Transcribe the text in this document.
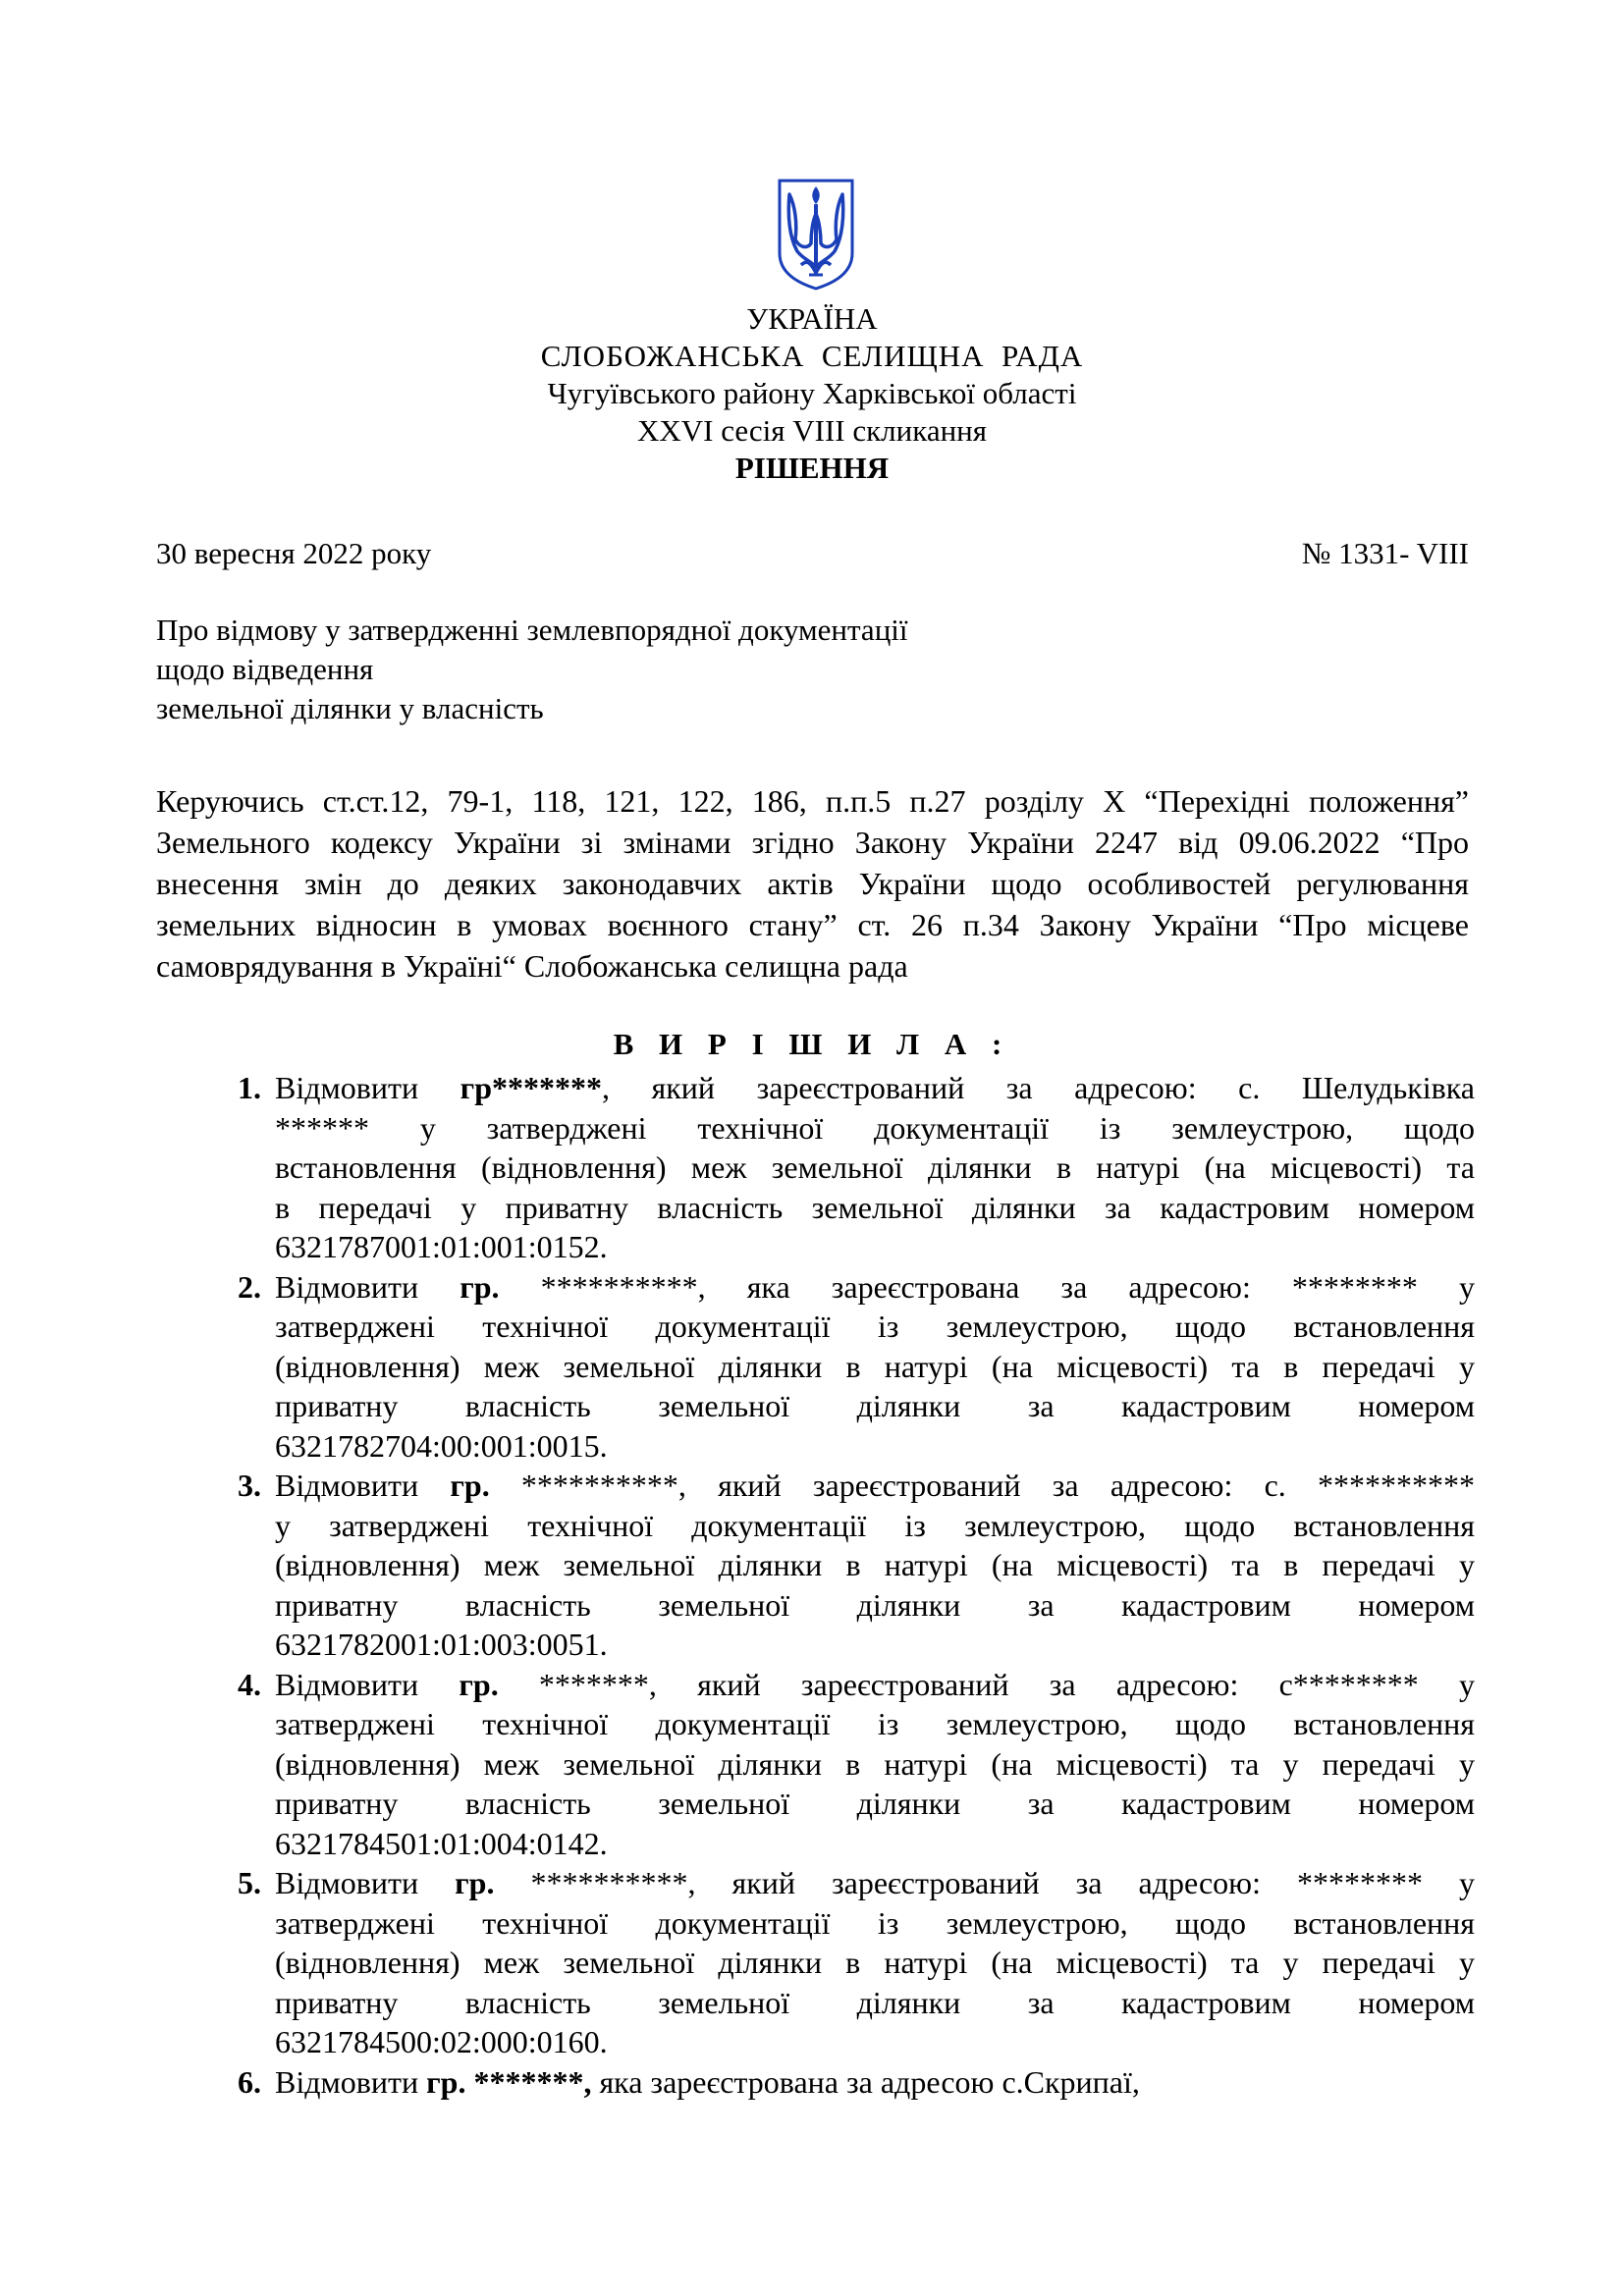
УКРАЇНА
СЛОБОЖАНСЬКА  СЕЛИЩНА  РАДА
Чугуївського району Харківської області
XXVI сесія VIII скликання
РІШЕННЯ
30 вересня 2022 року	№ 1331- VIII
Про відмову у затвердженні землевпорядної документації
щодо відведення
земельної ділянки у власність
Керуючись ст.ст.12, 79-1, 118, 121, 122, 186, п.п.5 п.27 розділу Х “Перехідні положення”
Земельного кодексу України зі змінами згідно Закону України 2247 від 09.06.2022 “Про
внесення змін до деяких законодавчих актів України щодо особливостей регулювання
земельних відносин в умовах воєнного стану” ст. 26 п.34 Закону України “Про місцеве
самоврядування в Україні“ Слобожанська селищна рада
В И Р І Ш И Л А :
1. Відмовити гр*******, який зареєстрований за адресою: с. Шелудьківка
****** у затверджені технічної документації із землеустрою, щодо
встановлення (відновлення) меж земельної ділянки в натурі (на місцевості) та
в передачі у приватну власність земельної ділянки за кадастровим номером
6321787001:01:001:0152.
2. Відмовити гр. **********, яка зареєстрована за адресою: ******** у
затверджені технічної документації із землеустрою, щодо встановлення
(відновлення) меж земельної ділянки в натурі (на місцевості) та в передачі у
приватну власність земельної ділянки за кадастровим номером
6321782704:00:001:0015.
3. Відмовити гр. **********, який зареєстрований за адресою: с. **********
у затверджені технічної документації із землеустрою, щодо встановлення
(відновлення) меж земельної ділянки в натурі (на місцевості) та в передачі у
приватну власність земельної ділянки за кадастровим номером
6321782001:01:003:0051.
4. Відмовити гр. *******, який зареєстрований за адресою: с******** у
затверджені технічної документації із землеустрою, щодо встановлення
(відновлення) меж земельної ділянки в натурі (на місцевості) та у передачі у
приватну власність земельної ділянки за кадастровим номером
6321784501:01:004:0142.
5. Відмовити гр. **********, який зареєстрований за адресою: ******** у
затверджені технічної документації із землеустрою, щодо встановлення
(відновлення) меж земельної ділянки в натурі (на місцевості) та у передачі у
приватну власність земельної ділянки за кадастровим номером
6321784500:02:000:0160.
6. Відмовити гр. *******, яка зареєстрована за адресою с.Скрипаї,
